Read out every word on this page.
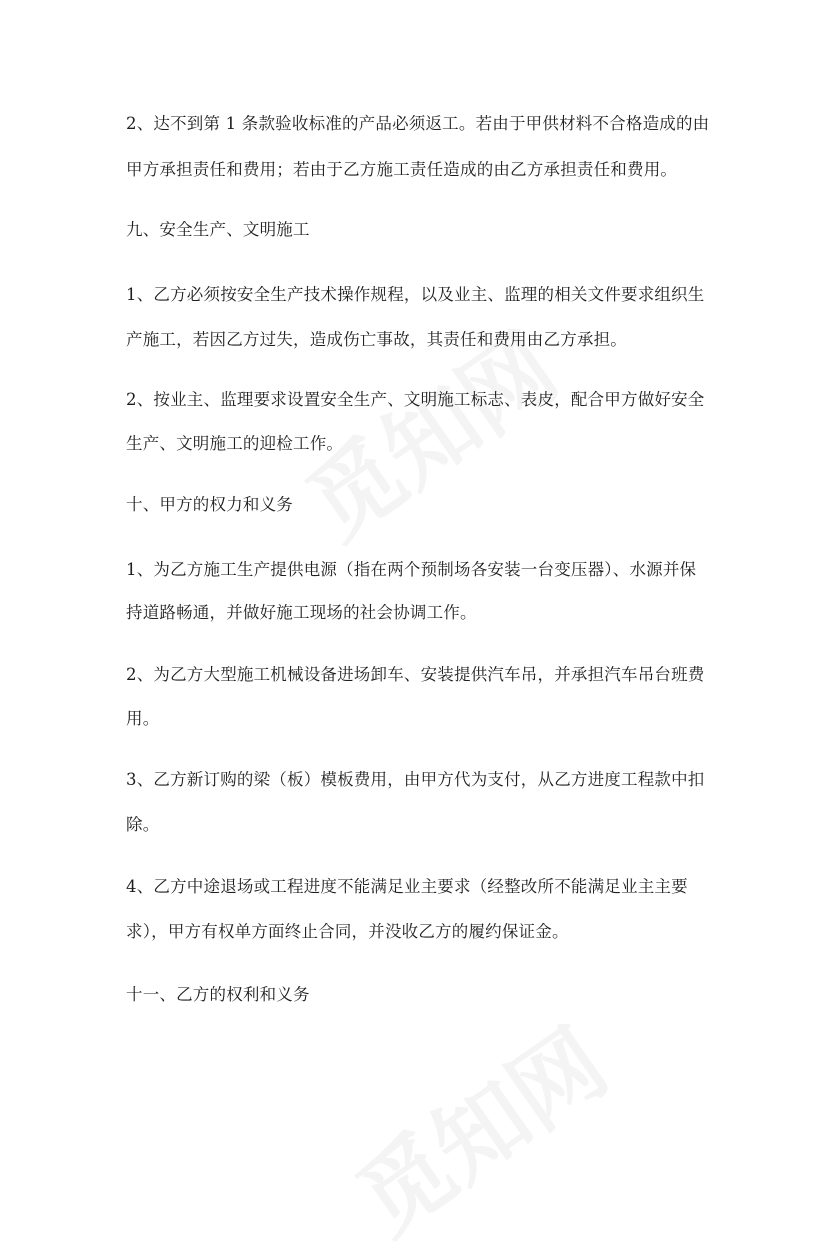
2、达不到第 1 条款验收标准的产品必须返工。若由于甲供材料不合格造成的由
甲方承担责任和费用；若由于乙方施工责任造成的由乙方承担责任和费用。
九、安全生产、文明施工
1、乙方必须按安全生产技术操作规程，以及业主、监理的相关文件要求组织生
产施工，若因乙方过失，造成伤亡事故，其责任和费用由乙方承担。
2、按业主、监理要求设置安全生产、文明施工标志、表皮，配合甲方做好安全
生产、文明施工的迎检工作。
十、甲方的权力和义务
1、为乙方施工生产提供电源（指在两个预制场各安装一台变压器）、水源并保
持道路畅通，并做好施工现场的社会协调工作。
2、为乙方大型施工机械设备进场卸车、安装提供汽车吊，并承担汽车吊台班费
用。
3、乙方新订购的梁（板）模板费用，由甲方代为支付，从乙方进度工程款中扣
除。
4、乙方中途退场或工程进度不能满足业主要求（经整改所不能满足业主主要
求），甲方有权单方面终止合同，并没收乙方的履约保证金。
十一、乙方的权利和义务
